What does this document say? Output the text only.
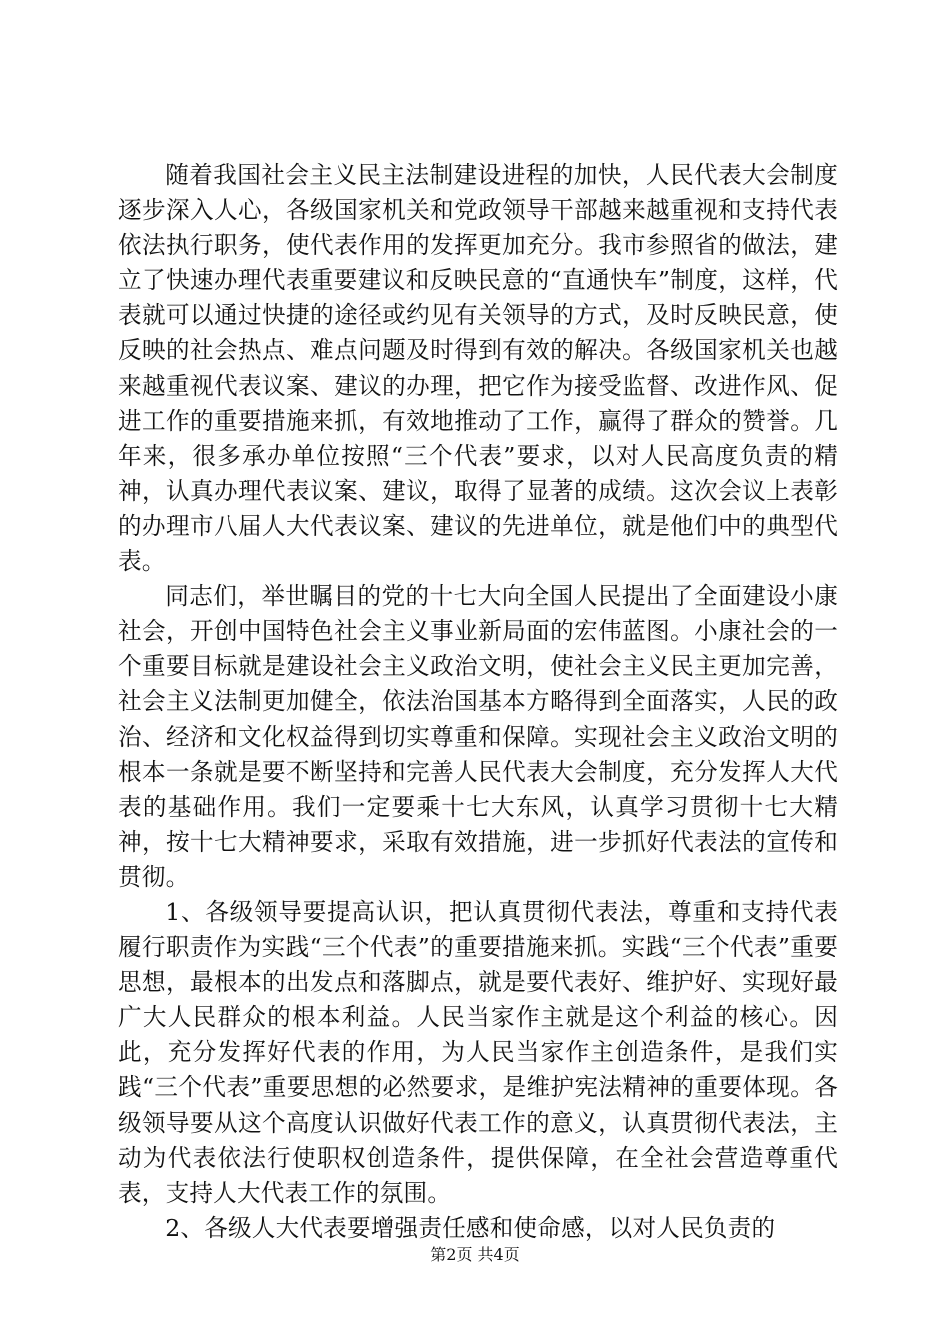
随着我国社会主义民主法制建设进程的加快，人民代表大会制度逐步深入人心，各级国家机关和党政领导干部越来越重视和支持代表依法执行职务，使代表作用的发挥更加充分。我市参照省的做法，建立了快速办理代表重要建议和反映民意的“直通快车”制度，这样，代表就可以通过快捷的途径或约见有关领导的方式，及时反映民意，使反映的社会热点、难点问题及时得到有效的解决。各级国家机关也越来越重视代表议案、建议的办理，把它作为接受监督、改进作风、促进工作的重要措施来抓，有效地推动了工作，赢得了群众的赞誉。几年来，很多承办单位按照“三个代表”要求，以对人民高度负责的精神，认真办理代表议案、建议，取得了显著的成绩。这次会议上表彰的办理市八届人大代表议案、建议的先进单位，就是他们中的典型代表。

同志们，举世瞩目的党的十七大向全国人民提出了全面建设小康社会，开创中国特色社会主义事业新局面的宏伟蓝图。小康社会的一个重要目标就是建设社会主义政治文明，使社会主义民主更加完善，社会主义法制更加健全，依法治国基本方略得到全面落实，人民的政治、经济和文化权益得到切实尊重和保障。实现社会主义政治文明的根本一条就是要不断坚持和完善人民代表大会制度，充分发挥人大代表的基础作用。我们一定要乘十七大东风，认真学习贯彻十七大精神，按十七大精神要求，采取有效措施，进一步抓好代表法的宣传和贯彻。

1、各级领导要提高认识，把认真贯彻代表法，尊重和支持代表履行职责作为实践“三个代表”的重要措施来抓。实践“三个代表”重要思想，最根本的出发点和落脚点，就是要代表好、维护好、实现好最广大人民群众的根本利益。人民当家作主就是这个利益的核心。因此，充分发挥好代表的作用，为人民当家作主创造条件，是我们实践“三个代表”重要思想的必然要求，是维护宪法精神的重要体现。各级领导要从这个高度认识做好代表工作的意义，认真贯彻代表法，主动为代表依法行使职权创造条件，提供保障，在全社会营造尊重代表，支持人大代表工作的氛围。

2、各级人大代表要增强责任感和使命感，以对人民负责的

第2页 共4页
